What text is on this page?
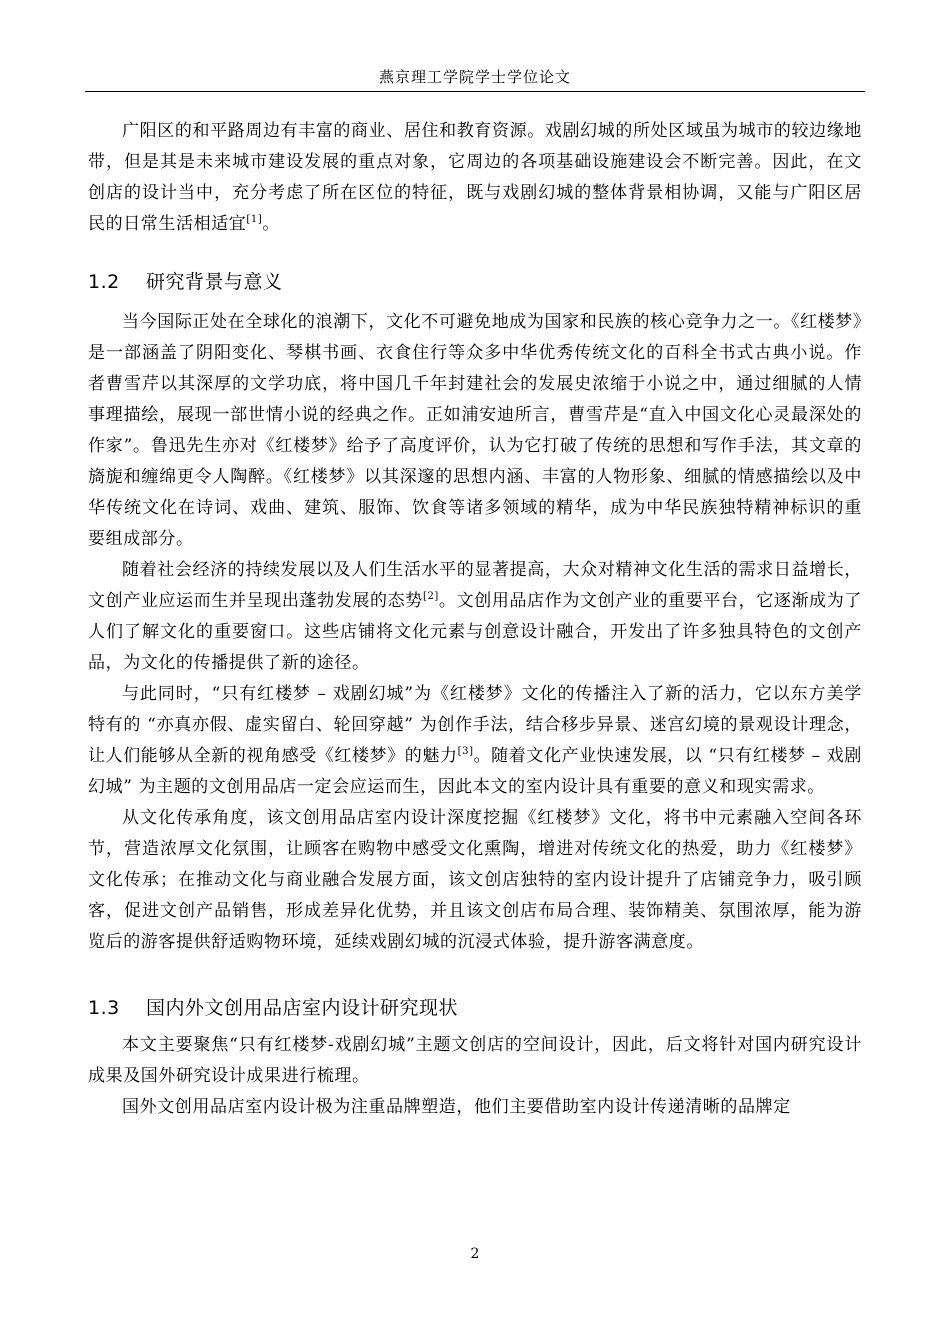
燕京理工学院学士学位论文

广阳区的和平路周边有丰富的商业、居住和教育资源。戏剧幻城的所处区域虽为城市的较边缘地带，但是其是未来城市建设发展的重点对象，它周边的各项基础设施建设会不断完善。因此，在文创店的设计当中，充分考虑了所在区位的特征，既与戏剧幻城的整体背景相协调，又能与广阳区居民的日常生活相适宜[1]。

1.2 研究背景与意义

当今国际正处在全球化的浪潮下，文化不可避免地成为国家和民族的核心竞争力之一。《红楼梦》是一部涵盖了阴阳变化、琴棋书画、衣食住行等众多中华优秀传统文化的百科全书式古典小说。作者曹雪芹以其深厚的文学功底，将中国几千年封建社会的发展史浓缩于小说之中，通过细腻的人情事理描绘，展现一部世情小说的经典之作。正如浦安迪所言，曹雪芹是“直入中国文化心灵最深处的作家”。鲁迅先生亦对《红楼梦》给予了高度评价，认为它打破了传统的思想和写作手法，其文章的旖旎和缠绵更令人陶醉。《红楼梦》以其深邃的思想内涵、丰富的人物形象、细腻的情感描绘以及中华传统文化在诗词、戏曲、建筑、服饰、饮食等诸多领域的精华，成为中华民族独特精神标识的重要组成部分。

随着社会经济的持续发展以及人们生活水平的显著提高，大众对精神文化生活的需求日益增长，文创产业应运而生并呈现出蓬勃发展的态势[2]。文创用品店作为文创产业的重要平台，它逐渐成为了人们了解文化的重要窗口。这些店铺将文化元素与创意设计融合，开发出了许多独具特色的文创产品，为文化的传播提供了新的途径。

与此同时，“只有红楼梦 – 戏剧幻城”为《红楼梦》文化的传播注入了新的活力，它以东方美学特有的 “亦真亦假、虚实留白、轮回穿越” 为创作手法，结合移步异景、迷宫幻境的景观设计理念，让人们能够从全新的视角感受《红楼梦》的魅力[3]。随着文化产业快速发展，以 “只有红楼梦 – 戏剧幻城” 为主题的文创用品店一定会应运而生，因此本文的室内设计具有重要的意义和现实需求。

从文化传承角度，该文创用品店室内设计深度挖掘《红楼梦》文化，将书中元素融入空间各环节，营造浓厚文化氛围，让顾客在购物中感受文化熏陶，增进对传统文化的热爱，助力《红楼梦》文化传承；在推动文化与商业融合发展方面，该文创店独特的室内设计提升了店铺竞争力，吸引顾客，促进文创产品销售，形成差异化优势，并且该文创店布局合理、装饰精美、氛围浓厚，能为游览后的游客提供舒适购物环境，延续戏剧幻城的沉浸式体验，提升游客满意度。

1.3 国内外文创用品店室内设计研究现状

本文主要聚焦“只有红楼梦-戏剧幻城”主题文创店的空间设计，因此，后文将针对国内研究设计成果及国外研究设计成果进行梳理。

国外文创用品店室内设计极为注重品牌塑造，他们主要借助室内设计传递清晰的品牌定

2
